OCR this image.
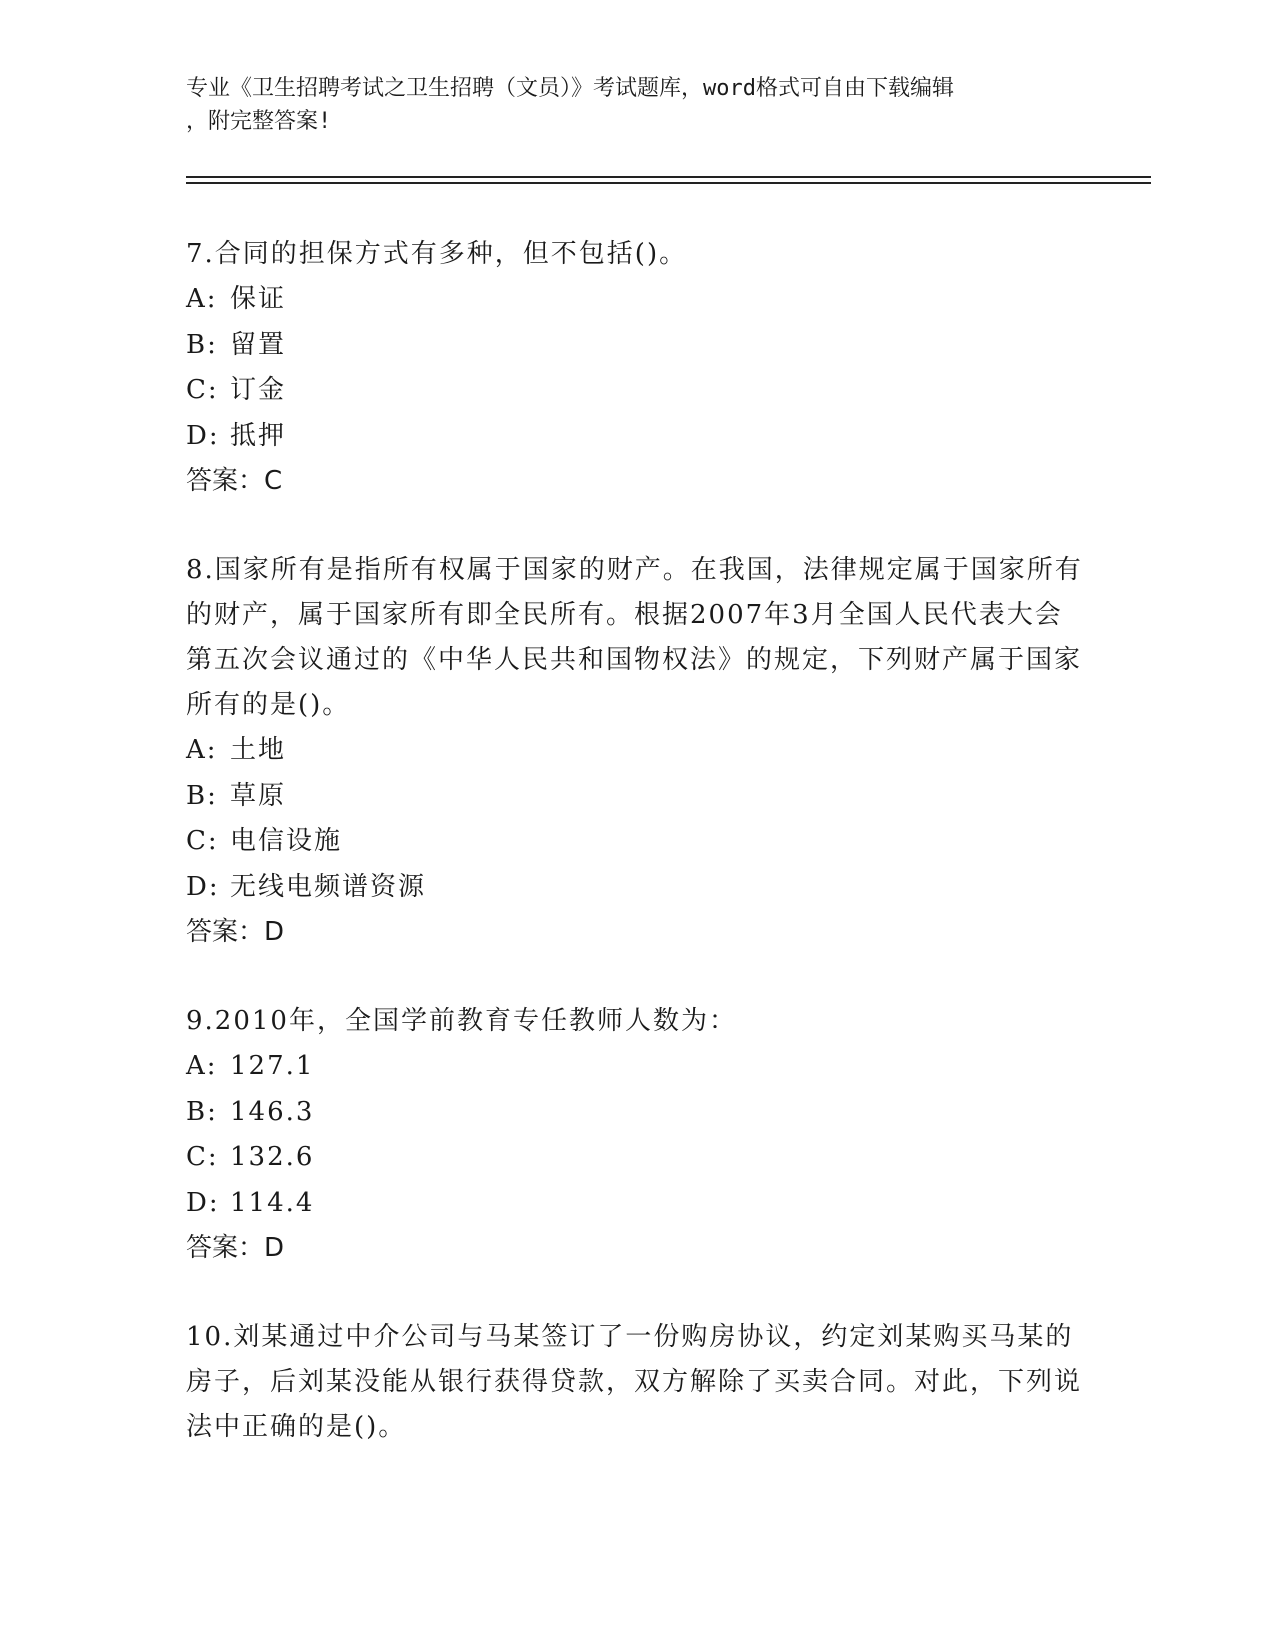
专业《卫生招聘考试之卫生招聘（文员）》考试题库，word格式可自由下载编辑
，附完整答案!

7.合同的担保方式有多种，但不包括()。

A: 保证

B: 留置

C: 订金

D: 抵押

答案：C

8.国家所有是指所有权属于国家的财产。在我国，法律规定属于国家所有的财产，属于国家所有即全民所有。根据2007年3月全国人民代表大会第五次会议通过的《中华人民共和国物权法》的规定，下列财产属于国家所有的是()。

A: 土地

B: 草原

C: 电信设施

D: 无线电频谱资源

答案：D

9.2010年，全国学前教育专任教师人数为：

A: 127.1

B: 146.3

C: 132.6

D: 114.4

答案：D

10.刘某通过中介公司与马某签订了一份购房协议，约定刘某购买马某的房子，后刘某没能从银行获得贷款，双方解除了买卖合同。对此，下列说法中正确的是()。
